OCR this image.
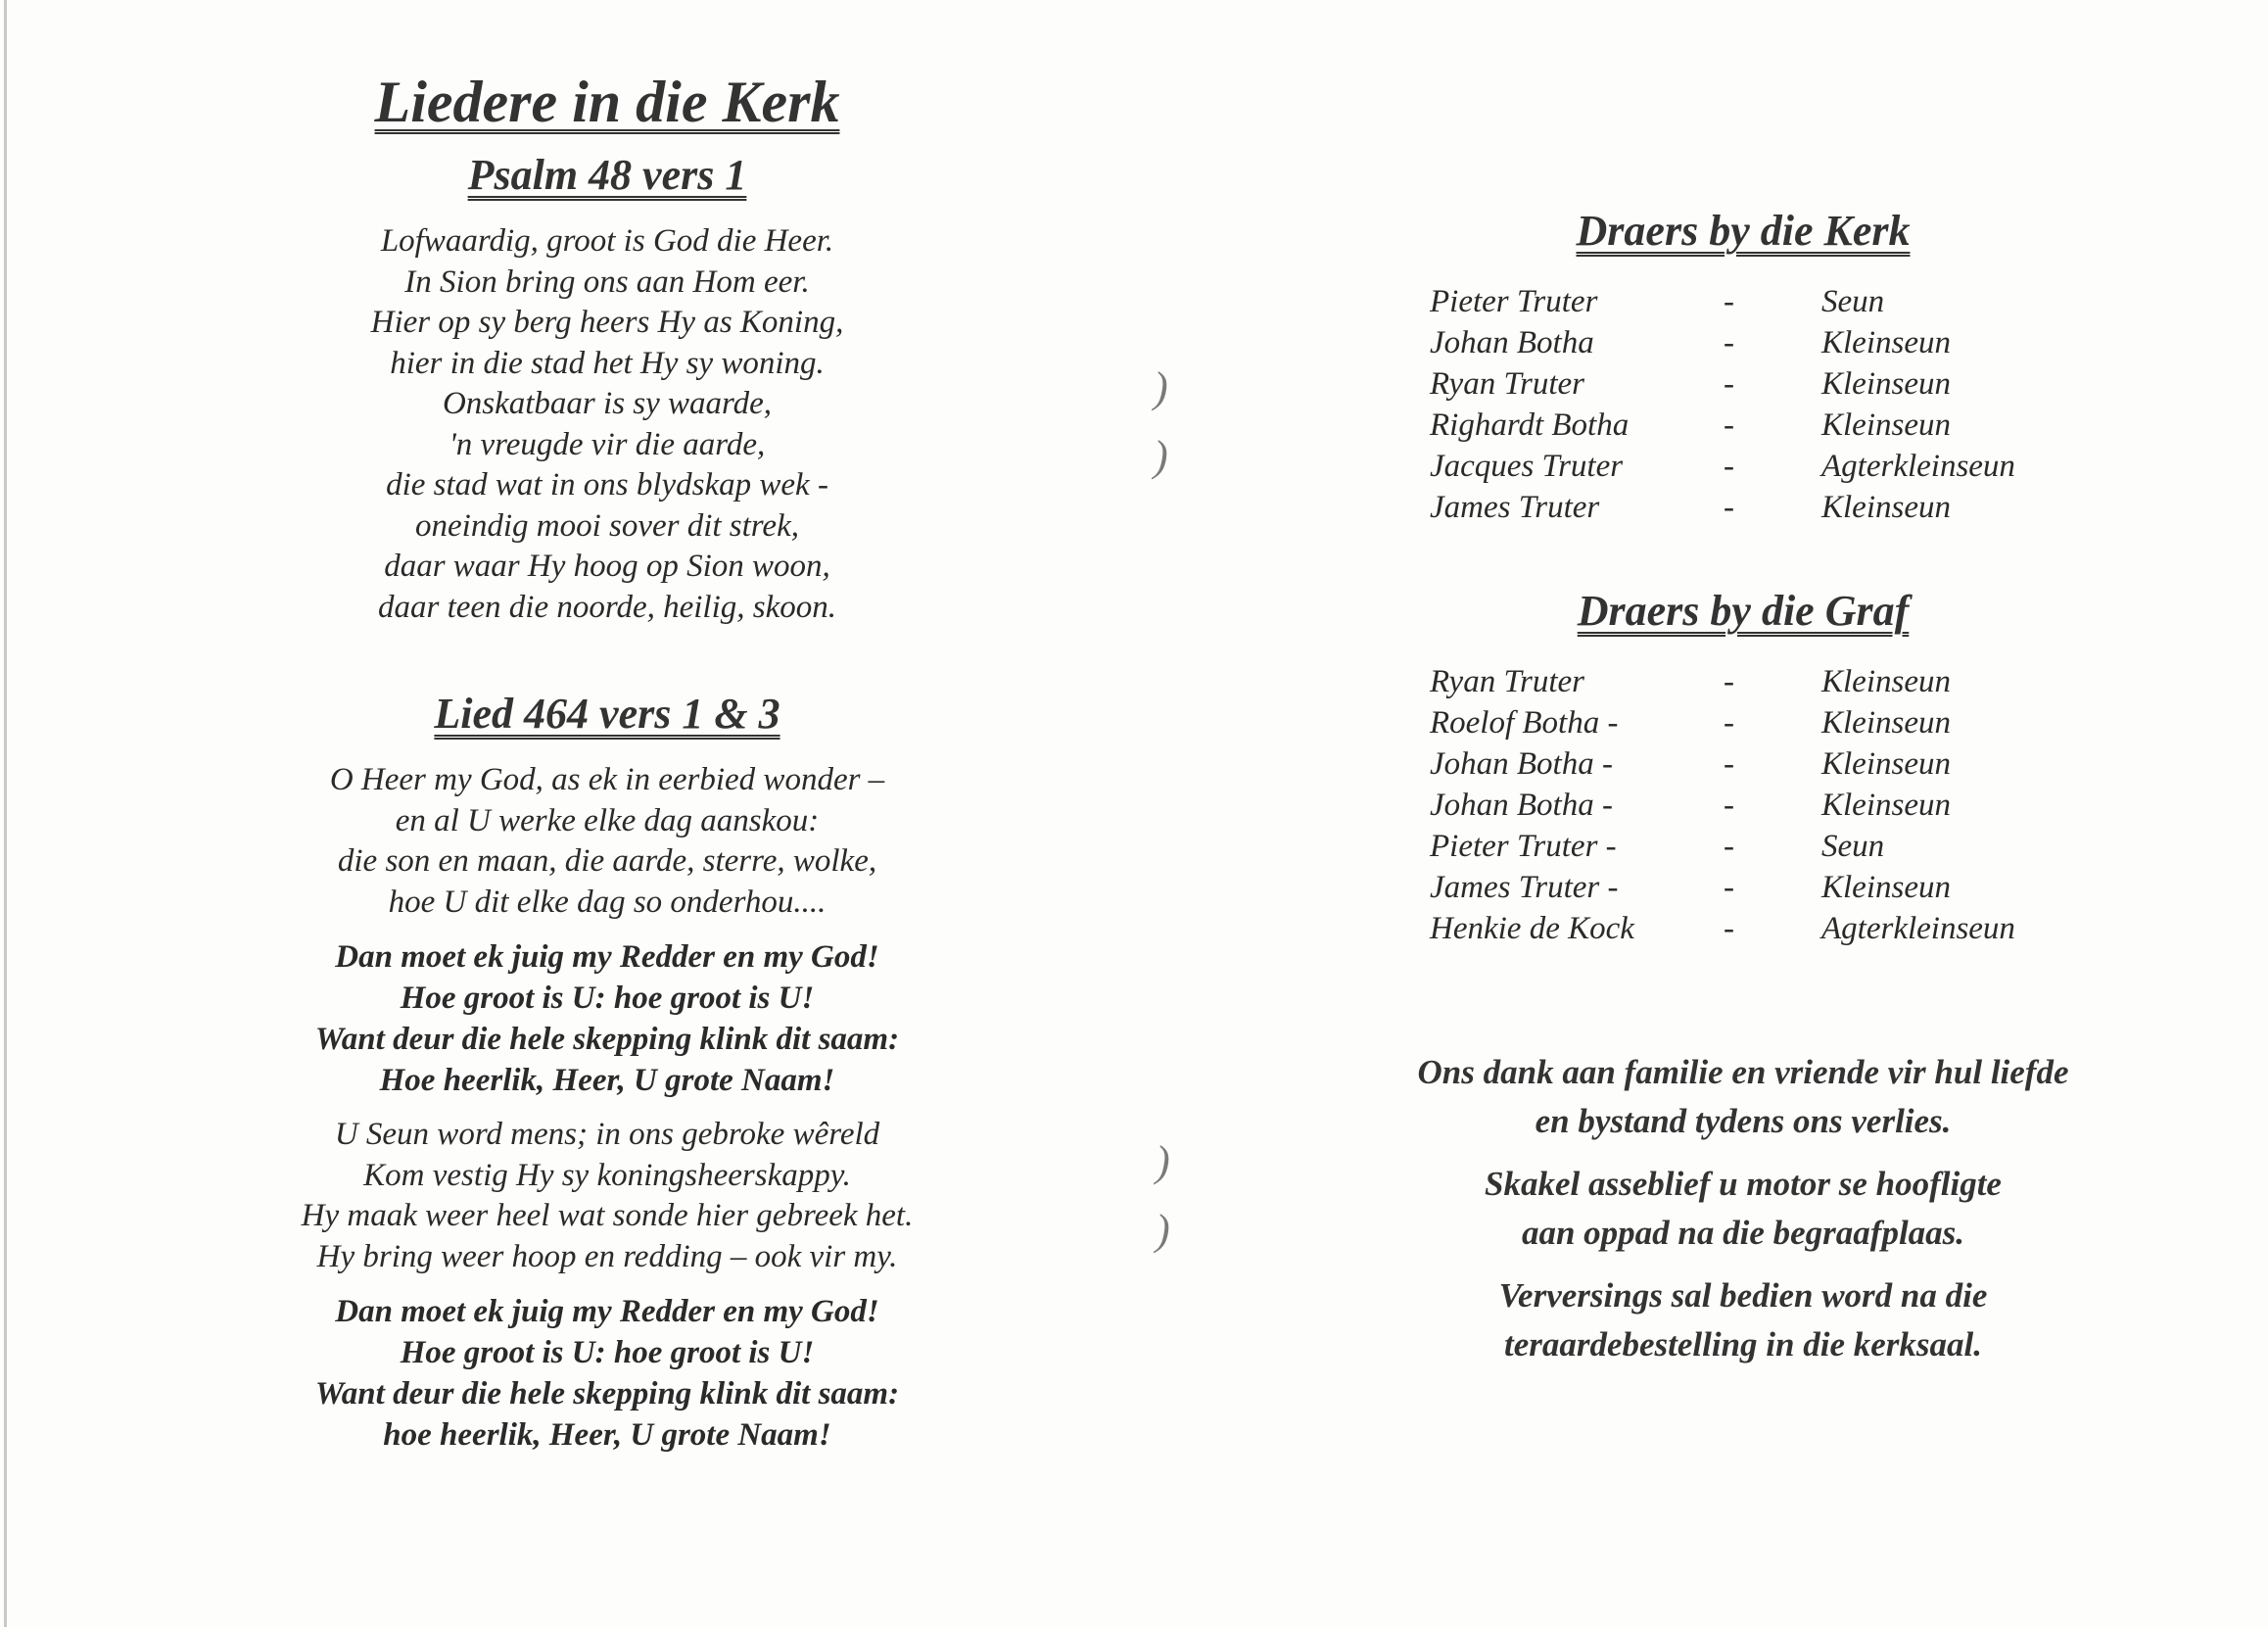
)
)
)
)
Liedere in die Kerk
Psalm 48 vers 1

Lofwaardig, groot is God die Heer.

In Sion bring ons aan Hom eer.

Hier op sy berg heers Hy as Koning,

hier in die stad het Hy sy woning.

Onskatbaar is sy waarde,

'n vreugde vir die aarde,

die stad wat in ons blydskap wek -

oneindig mooi sover dit strek,

daar waar Hy hoog op Sion woon,

daar teen die noorde, heilig, skoon.

Lied 464 vers 1 & 3

O Heer my God, as ek in eerbied wonder –

en al U werke elke dag aanskou:

die son en maan, die aarde, sterre, wolke,

hoe U dit elke dag so onderhou....

Dan moet ek juig my Redder en my God!

Hoe groot is U: hoe groot is U!

Want deur die hele skepping klink dit saam:

Hoe heerlik, Heer, U grote Naam!

U Seun word mens; in ons gebroke wêreld

Kom vestig Hy sy koningsheerskappy.

Hy maak weer heel wat sonde hier gebreek het.

Hy bring weer hoop en redding – ook vir my.

Dan moet ek juig my Redder en my God!

Hoe groot is U: hoe groot is U!

Want deur die hele skepping klink dit saam:

hoe heerlik, Heer, U grote Naam!

Draers by die Kerk
Pieter Truter	-	Seun
Johan Botha	-	Kleinseun
Ryan Truter	-	Kleinseun
Righardt Botha	-	Kleinseun
Jacques Truter	-	Agterkleinseun
James Truter	-	Kleinseun
Draers by die Graf
Ryan Truter	-	Kleinseun
Roelof Botha -	-	Kleinseun
Johan Botha -	-	Kleinseun
Johan Botha -	-	Kleinseun
Pieter Truter -	-	Seun
James Truter -	-	Kleinseun
Henkie de Kock	-	Agterkleinseun

Ons dank aan familie en vriende vir hul liefde
en bystand tydens ons verlies.

Skakel asseblief u motor se hoofligte
aan oppad na die begraafplaas.

Verversings sal bedien word na die
teraardebestelling in die kerksaal.
